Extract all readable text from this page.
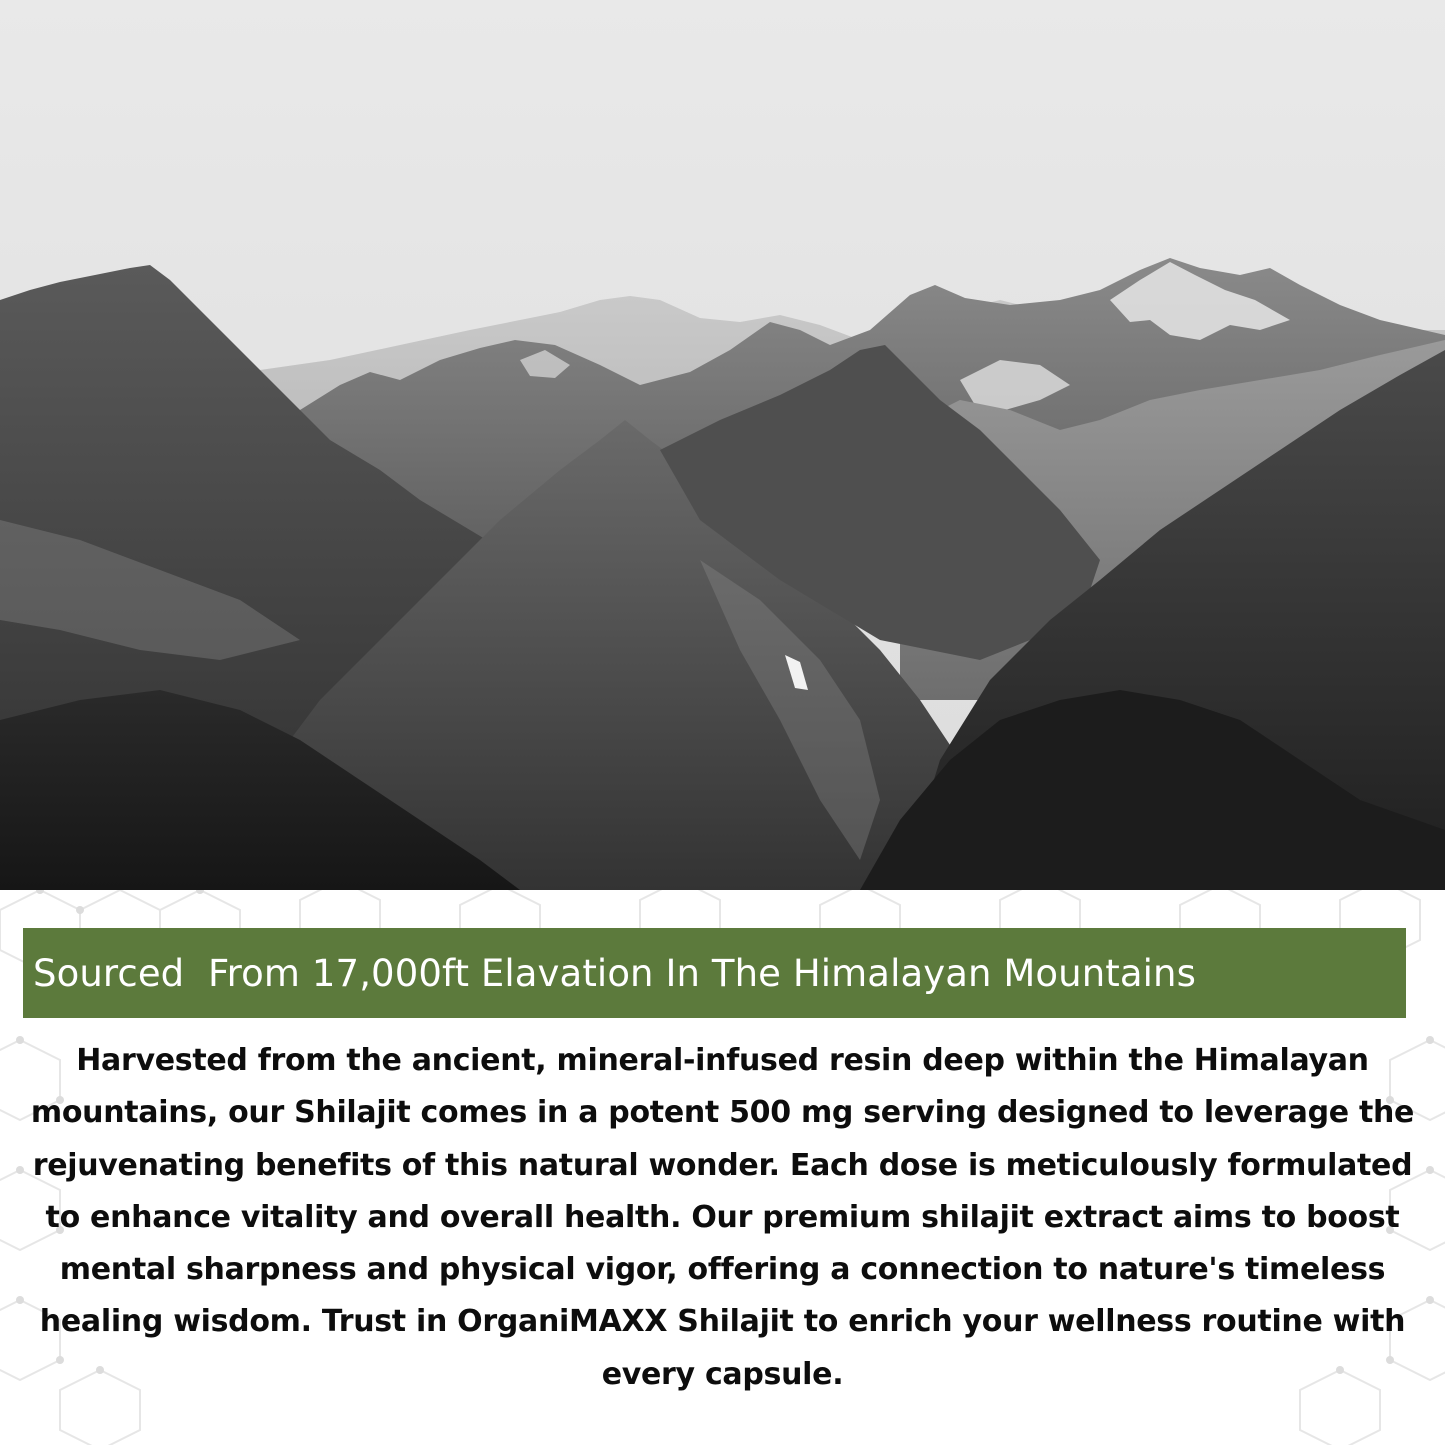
Sourced  From 17,000ft Elavation In The Himalayan Mountains
Harvested from the ancient, mineral-infused resin deep within the Himalayan mountains, our Shilajit comes in a potent 500 mg serving designed to leverage the rejuvenating benefits of this natural wonder. Each dose is meticulously formulated to enhance vitality and overall health. Our premium shilajit extract aims to boost mental sharpness and physical vigor, offering a connection to nature's timeless healing wisdom. Trust in OrganiMAXX Shilajit to enrich your wellness routine with every capsule.
